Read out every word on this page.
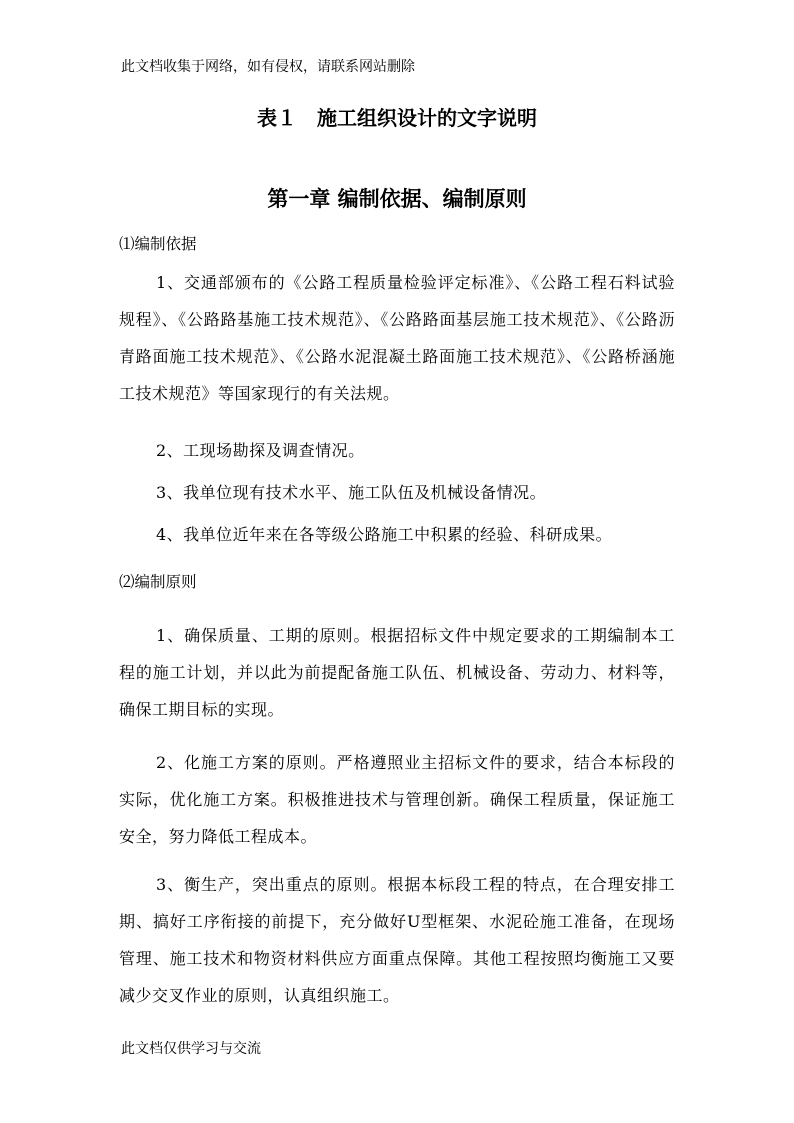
此文档收集于网络，如有侵权，请联系网站删除
表１　施工组织设计的文字说明
第一章 编制依据、编制原则
⑴编制依据
1、交通部颁布的《公路工程质量检验评定标准》、《公路工程石料试验规程》、《公路路基施工技术规范》、《公路路面基层施工技术规范》、《公路沥青路面施工技术规范》、《公路水泥混凝土路面施工技术规范》、《公路桥涵施工技术规范》等国家现行的有关法规。
2、工现场勘探及调查情况。
3、我单位现有技术水平、施工队伍及机械设备情况。
4、我单位近年来在各等级公路施工中积累的经验、科研成果。
⑵编制原则
1、确保质量、工期的原则。根据招标文件中规定要求的工期编制本工程的施工计划，并以此为前提配备施工队伍、机械设备、劳动力、材料等，确保工期目标的实现。
2、化施工方案的原则。严格遵照业主招标文件的要求，结合本标段的实际，优化施工方案。积极推进技术与管理创新。确保工程质量，保证施工安全，努力降低工程成本。
3、衡生产，突出重点的原则。根据本标段工程的特点，在合理安排工期、搞好工序衔接的前提下，充分做好U型框架、水泥砼施工准备，在现场管理、施工技术和物资材料供应方面重点保障。其他工程按照均衡施工又要减少交叉作业的原则，认真组织施工。
此文档仅供学习与交流
